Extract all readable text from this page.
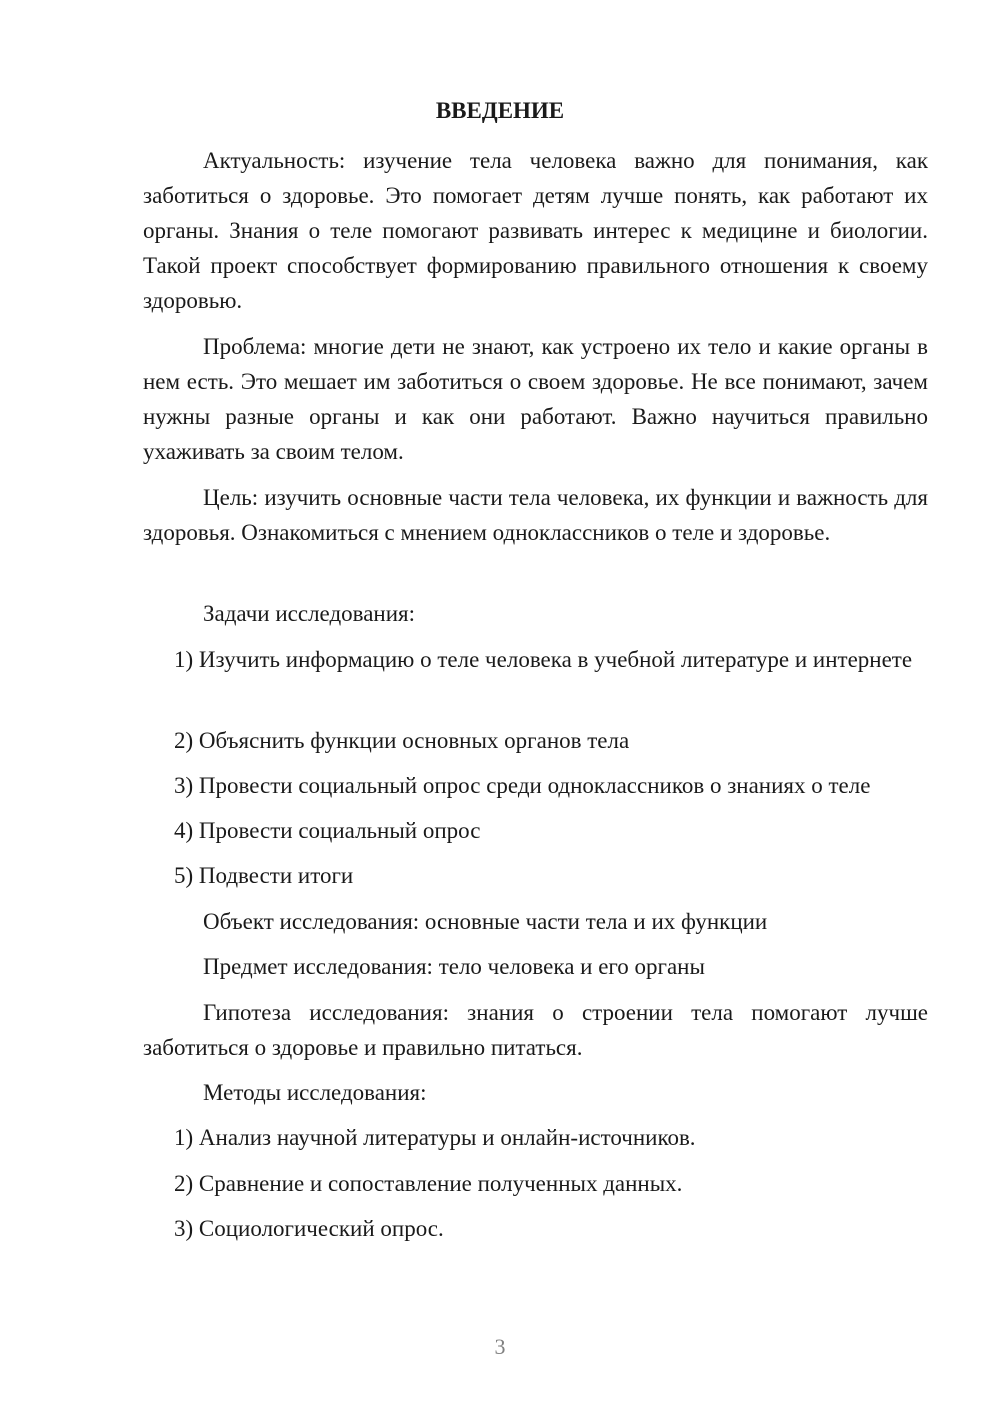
ВВЕДЕНИЕ

Актуальность: изучение тела человека важно для понимания, как заботиться о здоровье. Это помогает детям лучше понять, как работают их органы. Знания о теле помогают развивать интерес к медицине и биологии. Такой проект способствует формированию правильного отношения к своему здоровью.

Проблема: многие дети не знают, как устроено их тело и какие органы в нем есть. Это мешает им заботиться о своем здоровье. Не все понимают, зачем нужны разные органы и как они работают. Важно научиться правильно ухаживать за своим телом.

Цель: изучить основные части тела человека, их функции и важность для здоровья. Ознакомиться с мнением одноклассников о теле и здоровье.

Задачи исследования:

1) Изучить информацию о теле человека в учебной литературе и интернете

2) Объяснить функции основных органов тела

3) Провести социальный опрос среди одноклассников о знаниях о теле

4) Провести социальный опрос

5) Подвести итоги

Объект исследования: основные части тела и их функции

Предмет исследования: тело человека и его органы

Гипотеза исследования: знания о строении тела помогают лучше заботиться о здоровье и правильно питаться.

Методы исследования:

1) Анализ научной литературы и онлайн-источников.

2) Сравнение и сопоставление полученных данных.

3) Социологический опрос.

3
